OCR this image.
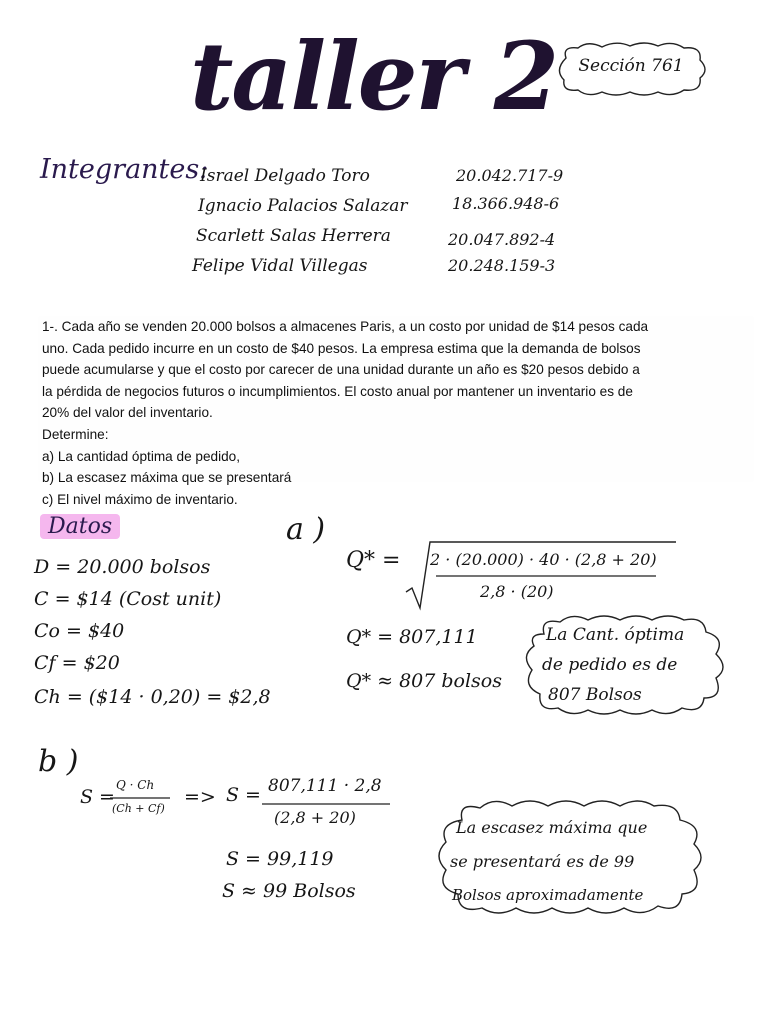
taller 2	Sección 761
Integrantes:
Israel Delgado Toro	20.042.717-9
Ignacio Palacios Salazar	18.366.948-6
Scarlett Salas Herrera	20.047.892-4
Felipe Vidal Villegas	20.248.159-3

1-. Cada año se venden 20.000 bolsos a almacenes Paris, a un costo por unidad de $14 pesos cada

uno. Cada pedido incurre en un costo de $40 pesos. La empresa estima que la demanda de bolsos

puede acumularse y que el costo por carecer de una unidad durante un año es $20 pesos debido a

la pérdida de negocios futuros o incumplimientos. El costo anual por mantener un inventario es de

20% del valor del inventario.

Determine:

a) La cantidad óptima de pedido,

b) La escasez máxima que se presentará

c) El nivel máximo de inventario.

Datos
D = 20.000 bolsos
C = $14 (Cost unit)
Co = $40
Cf = $20
Ch = ($14 · 0,20) = $2,8
a )
Q* = 2 · (20.000) · 40 · (2,8 + 20)
2,8 · (20)
Q* = 807,111
Q* ≈ 807 bolsos
La Cant. óptima
de pedido es de
807 Bolsos
b )
S =
Q · Ch
(Ch + Cf)
=> S = 807,111 · 2,8
(2,8 + 20)
S = 99,119
S ≈ 99 Bolsos
La escasez máxima que
se presentará es de 99
Bolsos aproximadamente
